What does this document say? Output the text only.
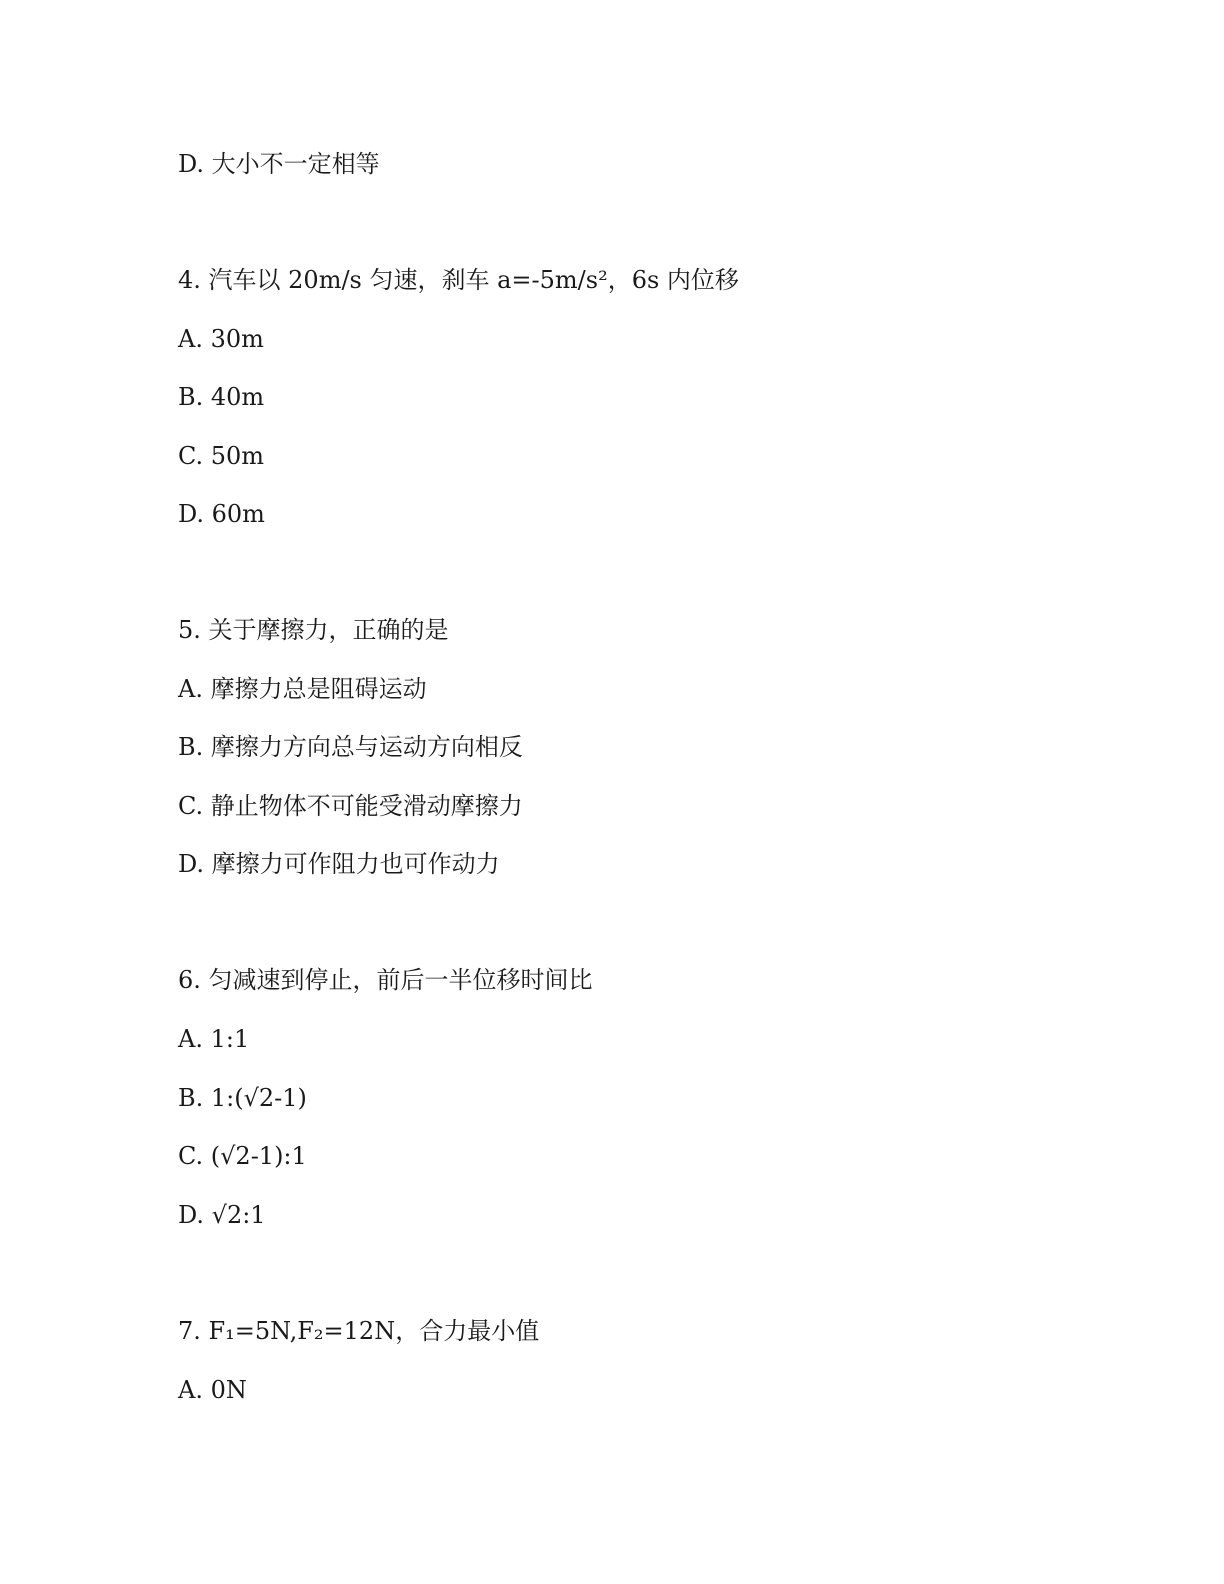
D. 大小不一定相等
4. 汽车以 20m/s 匀速，刹车 a=-5m/s²，6s 内位移
A. 30m
B. 40m
C. 50m
D. 60m
5. 关于摩擦力，正确的是
A. 摩擦力总是阻碍运动
B. 摩擦力方向总与运动方向相反
C. 静止物体不可能受滑动摩擦力
D. 摩擦力可作阻力也可作动力
6. 匀减速到停止，前后一半位移时间比
A. 1:1
B. 1:(√2-1)
C. (√2-1):1
D. √2:1
7. F₁=5N,F₂=12N，合力最小值
A. 0N
